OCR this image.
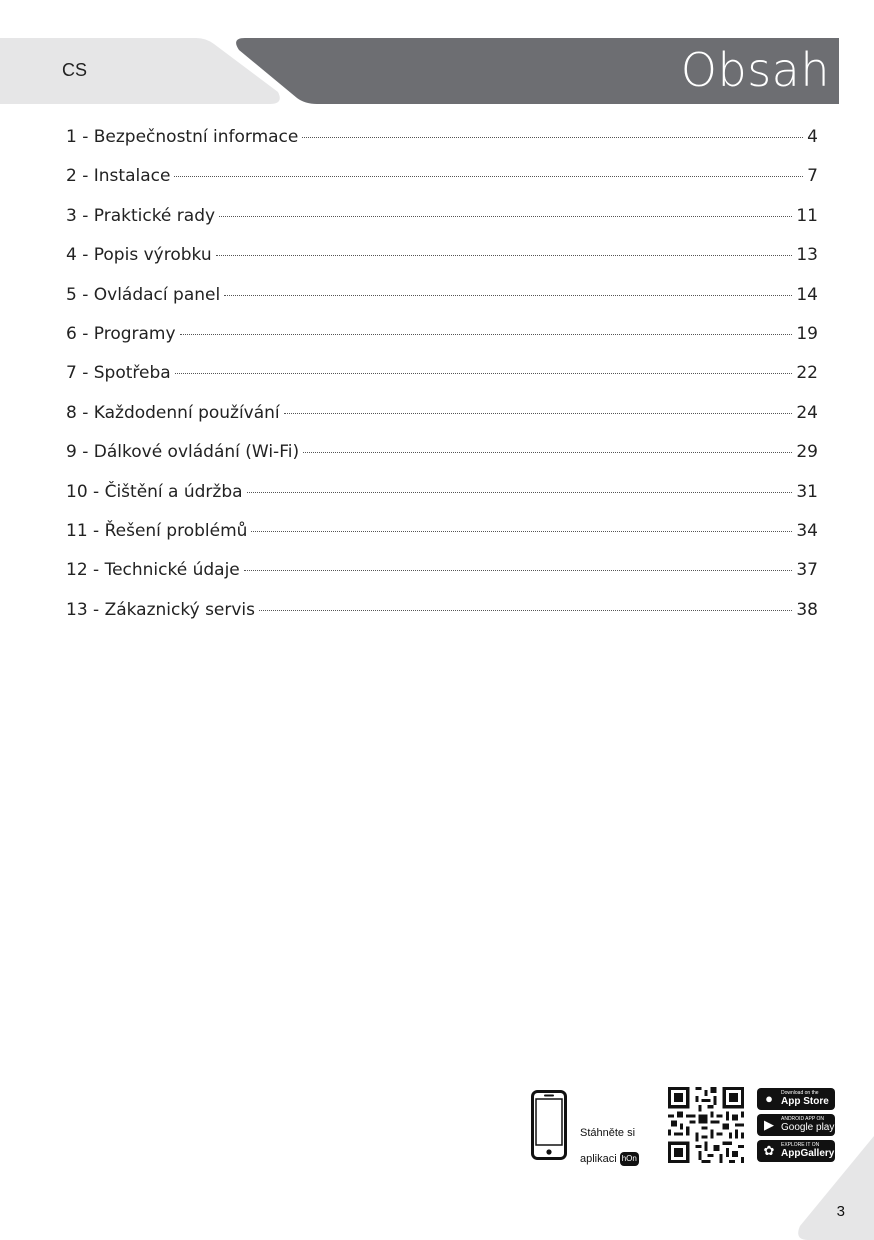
CS	Obsah
1 - Bezpečnostní informace	4
2 - Instalace	7
3 - Praktické rady	11
4 - Popis výrobku	13
5 - Ovládací panel	14
6 - Programy	19
7 - Spotřeba	22
8 - Každodenní používání	24
9 - Dálkové ovládání (Wi-Fi)	29
10 - Čištění a údržba	31
11 - Řešení problémů	34
12 - Technické údaje	37
13 - Zákaznický servis	38
Stáhněte si
aplikaci hOn
●	Download on the
App Store
▶	ANDROID APP ON
Google play
✿	EXPLORE IT ON
AppGallery
3
